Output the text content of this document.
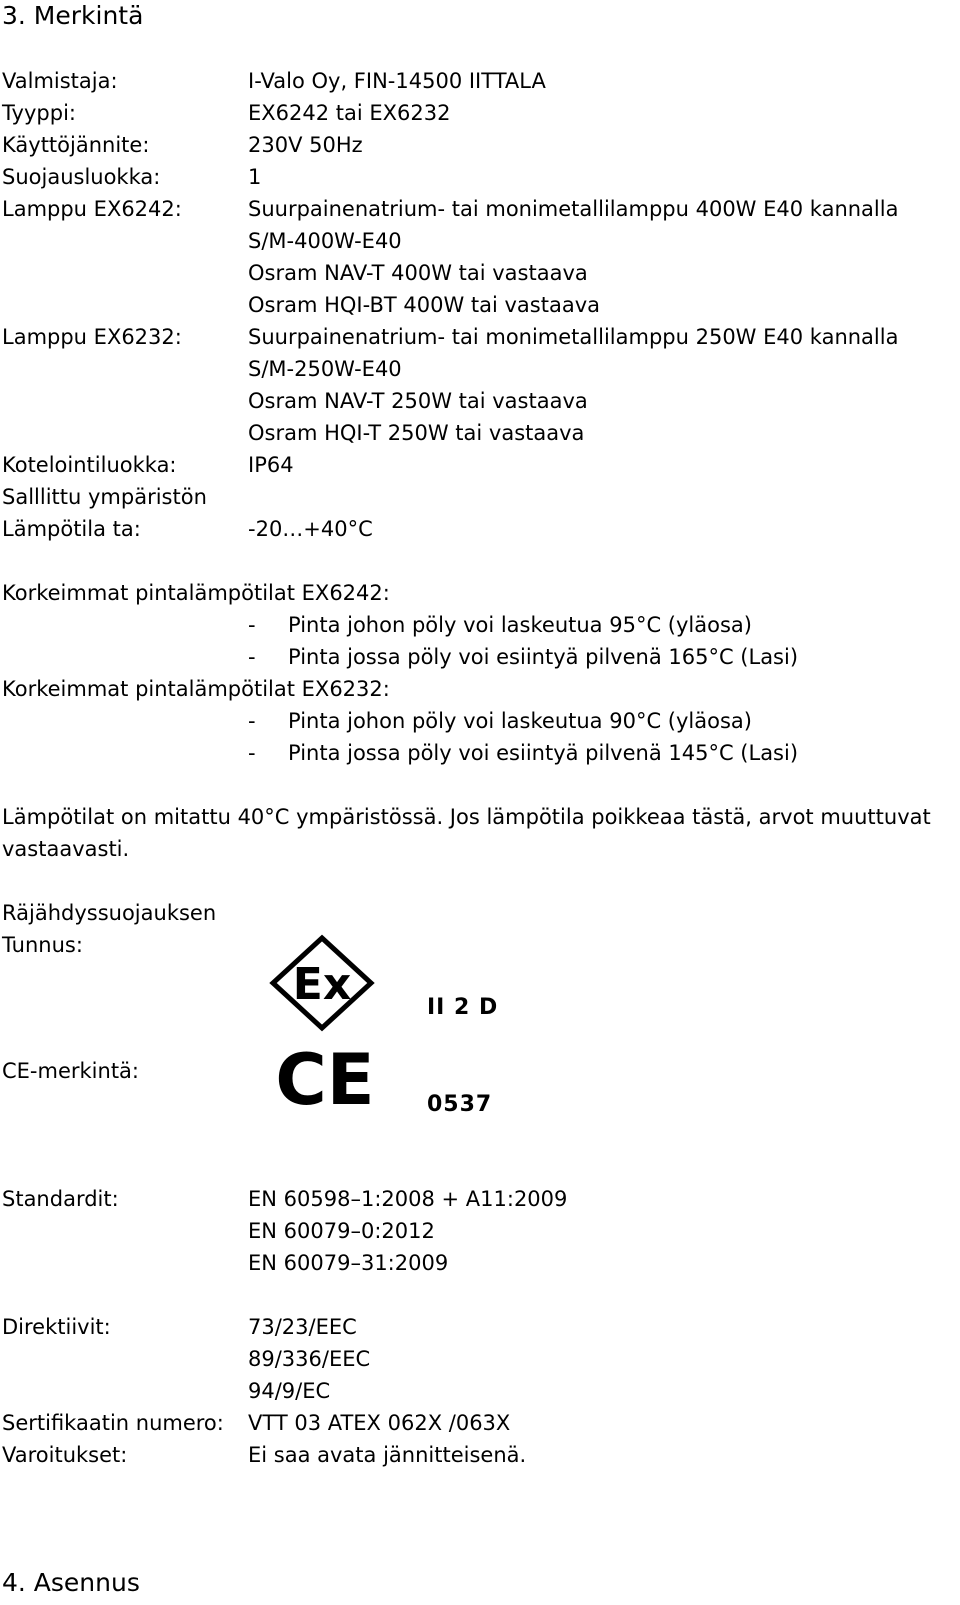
3. Merkintä
Valmistaja:	I-Valo Oy, FIN-14500 IITTALA
Tyyppi:	EX6242 tai EX6232
Käyttöjännite:	230V 50Hz
Suojausluokka:	1
Lamppu EX6242:	Suurpainenatrium- tai monimetallilamppu 400W E40 kannalla
S/M-400W-E40
Osram NAV-T 400W tai vastaava
Osram HQI-BT 400W tai vastaava
Lamppu EX6232:	Suurpainenatrium- tai monimetallilamppu 250W E40 kannalla
S/M-250W-E40
Osram NAV-T 250W tai vastaava
Osram HQI-T 250W tai vastaava
Kotelointiluokka:	IP64
Salllittu ympäristön
Lämpötila ta:	-20…+40°C
Korkeimmat pintalämpötilat EX6242:
- Pinta johon pöly voi laskeutua 95°C (yläosa)
- Pinta jossa pöly voi esiintyä pilvenä 165°C (Lasi)
Korkeimmat pintalämpötilat EX6232:
- Pinta johon pöly voi laskeutua 90°C (yläosa)
- Pinta jossa pöly voi esiintyä pilvenä 145°C (Lasi)
Lämpötilat on mitattu 40°C ympäristössä. Jos lämpötila poikkeaa tästä, arvot muuttuvat
vastaavasti.
Räjähdyssuojauksen
Tunnus:
Ex	II 2 D
CE-merkintä: CE 0537
Standardit:	EN 60598–1:2008 + A11:2009
EN 60079–0:2012
EN 60079–31:2009
Direktiivit:	73/23/EEC
89/336/EEC
94/9/EC
Sertifikaatin numero: VTT 03 ATEX 062X /063X
Varoitukset:	Ei saa avata jännitteisenä.
4. Asennus
